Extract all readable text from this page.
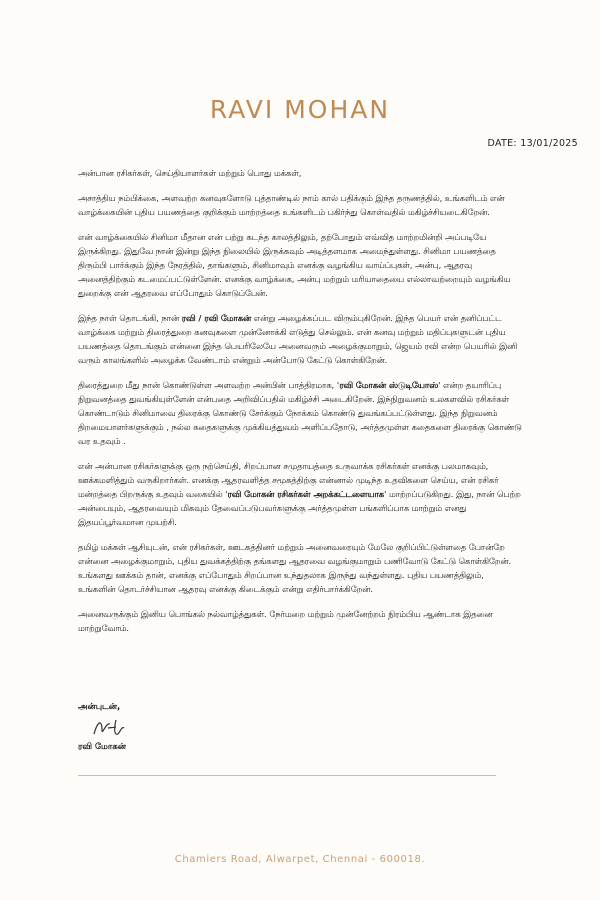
RAVI MOHAN
DATE: 13/01/2025

அன்பான ரசிகர்கள், செய்தியாளர்கள் மற்றும் பொது மக்கள்,

அசாத்திய நம்பிக்கை, அளவற்ற கனவுகளோடு புத்தாண்டில் நாம் கால் பதிக்கும் இந்த தருணத்தில், உங்களிடம் என் வாழ்க்கையின் புதிய பயணத்தை குறிக்கும் மாற்றத்தை உங்களிடம் பகிர்ந்து கொள்வதில் மகிழ்ச்சியடைகிறேன்.

என் வாழ்க்கையில் சினிமா மீதான என் பற்று கடந்த காலத்திலும், தற்போதும் எவ்வித மாற்றமின்றி அப்படியே இருக்கிறது. இதுவே நான் இன்று இந்த நிலையில் இருக்கவும் அடித்தளமாக அமைந்துள்ளது. சினிமா பயணத்தை திரும்பி பார்க்கும் இந்த நேரத்தில், தாங்களும், சினிமாவும் எனக்கு வழங்கிய வாய்ப்புகள், அன்பு, ஆதரவு அனைத்திற்கும் கடமைப்பட்டுள்ளேன். எனக்கு வாழ்க்கை, அன்பு மற்றும் மரியாதையை எல்லாவற்றையும் வழங்கிய துறைக்கு என் ஆதரவை எப்போதும் கொடுப்பேன்.

இந்த நாள் தொடங்கி, நான் ரவி / ரவி மோகன் என்று அழைக்கப்பட விரும்புகிறேன். இந்த பெயர் என் தனிப்பட்ட வாழ்க்கை மற்றும் திரைத்துறை கனவுகளை முன்னோக்கி எடுத்து செல்லும். என் கனவு மற்றும் மதிப்புகளுடன் புதிய பயணத்தை தொடங்கும் என்னை இந்த பெயரிலேயே அனைவரும் அழைக்குமாறும், ஜெயம் ரவி என்ற பெயரில் இனி வரும் காலங்களில் அழைக்க வேண்டாம் என்றும் அன்போடு கேட்டு கொள்கிறேன்.

திரைத்துறை மீது நான் கொண்டுள்ள அளவற்ற அன்பின் பாத்திரமாக, 'ரவி மோகன் ஸ்டுடியோஸ்' என்ற தயாரிப்பு நிறுவனத்தை துவங்கியுள்ளேன் என்பதை அறிவிப்பதில் மகிழ்ச்சி அடைகிறேன். இந்நிறுவனம் உலகளவில் ரசிகர்கள் கொண்டாடும் சினிமாவை திரைக்கு கொண்டு சேர்க்கும் நோக்கம் கொண்டு துவங்கப்பட்டுள்ளது. இந்த நிறுவனம் திறமையாளர்களுக்கும் , நல்ல கதைகளுக்கு முக்கியத்துவம் அளிப்பதோடு, அர்த்தமுள்ள கதைகளை திரைக்கு கொண்டு வர உதவும் .

என் அன்பான ரசிகர்களுக்கு ஒரு நற்செய்தி, சிறப்பான சமுதாயத்தை உருவாக்க ரசிகர்கள் எனக்கு பலமாகவும், ஊக்கமளித்தும் வருகிறார்கள். எனக்கு ஆதரவளித்த சமூகத்திற்கு என்னால் முடிந்த உதவிகளை செய்ய, என் ரசிகர் மன்றத்தை பிறருக்கு உதவும் வகையில் 'ரவி மோகன் ரசிகர்கள் அறக்கட்டளையாக' மாற்றப்படுகிறது. இது, நான் பெற்ற அன்பையும், ஆதரவையும் மிகவும் தேவைப்படுபவர்களுக்கு அர்த்தமுள்ள பங்களிப்பாக மாற்றும் எனது இதயப்பூர்வமான முயற்சி.

தமிழ் மக்கள் ஆசியுடன், என் ரசிகர்கள், ஊடகத்தினர் மற்றும் அனைவரையும் மேலே குறிப்பிட்டுள்ளதை போன்றே என்னை அழைக்குமாறும், புதிய துவக்கத்திற்கு தங்களது ஆதரவை வழங்குமாறும் பணிவோடு கேட்டு கொள்கிறேன். உங்களது ஊக்கம் தான், எனக்கு எப்போதும் சிறப்பான உந்துதலாக இருந்து வந்துள்ளது. புதிய பயணத்திலும், உங்களின் தொடர்ச்சியான ஆதரவு எனக்கு கிடைக்கும் என்று எதிர்பார்க்கிறேன்.

அனைவருக்கும் இனிய பொங்கல் நல்வாழ்த்துகள். நேர்மறை மற்றும் முன்னேற்றம் நிரம்பிய ஆண்டாக இதனை மாற்றுவோம்.

அன்புடன்,
ரவி மோகன்
Chamiers Road, Alwarpet, Chennai - 600018.
